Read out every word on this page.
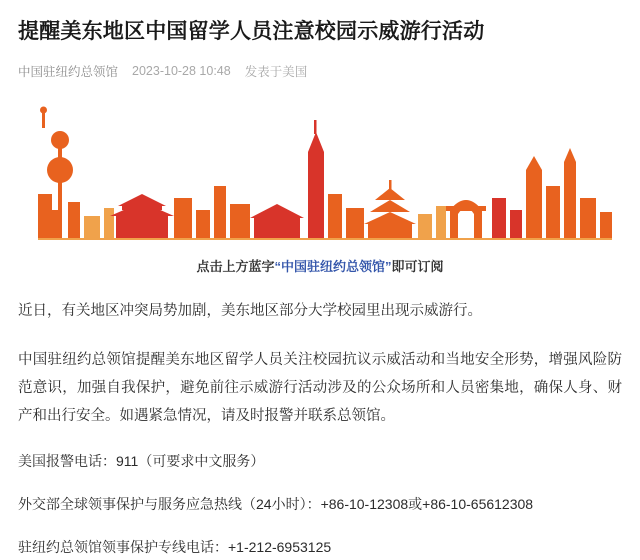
提醒美东地区中国留学人员注意校园示威游行活动
中国驻纽约总领馆 2023-10-28 10:48 发表于美国
点击上方蓝字“中国驻纽约总领馆”即可订阅

近日，有关地区冲突局势加剧，美东地区部分大学校园里出现示威游行。

中国驻纽约总领馆提醒美东地区留学人员关注校园抗议示威活动和当地安全形势，增强风险防范意识，加强自我保护，避免前往示威游行活动涉及的公众场所和人员密集地，确保人身、财产和出行安全。如遇紧急情况，请及时报警并联系总领馆。

美国报警电话：911（可要求中文服务）

外交部全球领事保护与服务应急热线（24小时）：+86-10-12308或+86-10-65612308

驻纽约总领馆领事保护专线电话：+1-212-6953125
